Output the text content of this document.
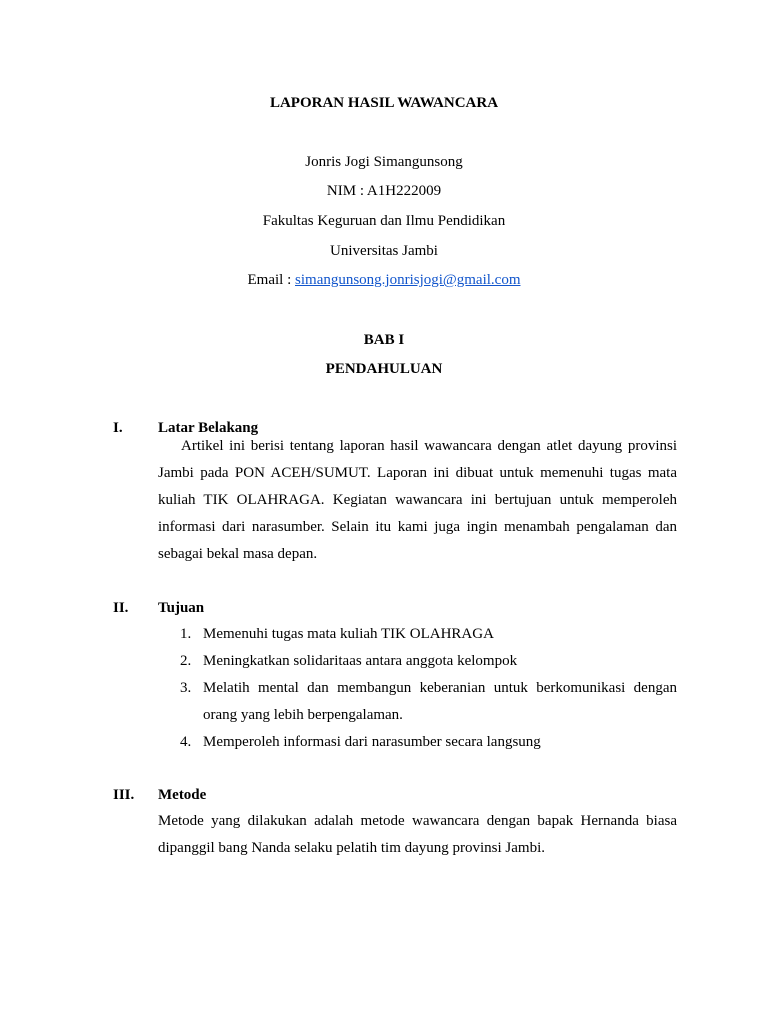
LAPORAN HASIL WAWANCARA
Jonris Jogi Simangunsong
NIM : A1H222009
Fakultas Keguruan dan Ilmu Pendidikan
Universitas Jambi
Email : simangunsong.jonrisjogi@gmail.com
BAB I
PENDAHULUAN
I. Latar Belakang

Artikel ini berisi tentang laporan hasil wawancara dengan atlet dayung provinsi Jambi pada PON ACEH/SUMUT. Laporan ini dibuat untuk memenuhi tugas mata kuliah TIK OLAHRAGA. Kegiatan wawancara ini bertujuan untuk memperoleh informasi dari narasumber. Selain itu kami juga ingin menambah pengalaman dan sebagai bekal masa depan.

II. Tujuan
1. Memenuhi tugas mata kuliah TIK OLAHRAGA
2. Meningkatkan solidaritaas antara anggota kelompok
3. Melatih mental dan membangun keberanian untuk berkomunikasi dengan orang yang lebih berpengalaman.
4. Memperoleh informasi dari narasumber secara langsung
III. Metode

Metode yang dilakukan adalah metode wawancara dengan bapak Hernanda biasa dipanggil bang Nanda selaku pelatih tim dayung provinsi Jambi.
